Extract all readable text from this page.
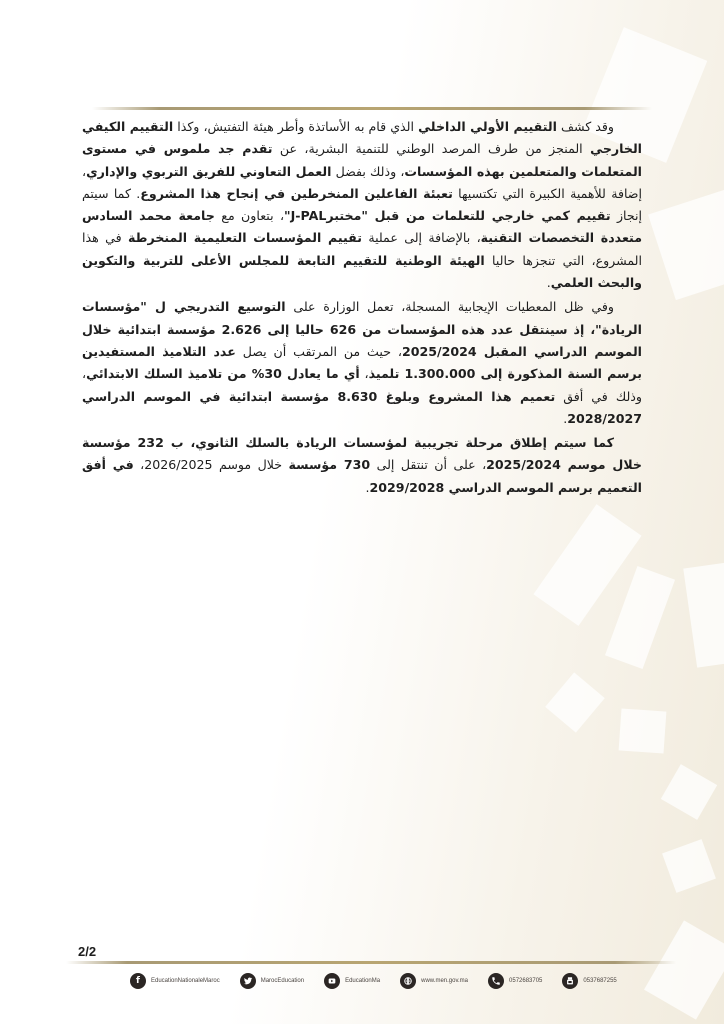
وقد كشف التقييم الأولي الداخلي الذي قام به الأساتذة وأطر هيئة التفتيش، وكذا التقييم الكيفي الخارجي المنجز من طرف المرصد الوطني للتنمية البشرية، عن تقدم جد ملموس في مستوى المتعلمات والمتعلمين بهذه المؤسسات، وذلك بفضل العمل التعاوني للفريق التربوي والإداري، إضافة للأهمية الكبيرة التي تكتسيها تعبئة الفاعلين المنخرطين في إنجاح هذا المشروع. كما سيتم إنجاز تقييم كمي خارجي للتعلمات من قبل "مختبرJ-PAL"، بتعاون مع جامعة محمد السادس متعددة التخصصات التقنية، بالإضافة إلى عملية تقييم المؤسسات التعليمية المنخرطة في هذا المشروع، التي تنجزها حاليا الهيئة الوطنية للتقييم التابعة للمجلس الأعلى للتربية والتكوين والبحث العلمي.

وفي ظل المعطيات الإيجابية المسجلة، تعمل الوزارة على التوسيع التدريجي ل "مؤسسات الريادة"، إذ سينتقل عدد هذه المؤسسات من 626 حاليا إلى 2.626 مؤسسة ابتدائية خلال الموسم الدراسي المقبل 2025/2024، حيث من المرتقب أن يصل عدد التلاميذ المستفيدين برسم السنة المذكورة إلى 1.300.000 تلميذ، أي ما يعادل 30% من تلاميذ السلك الابتدائي، وذلك في أفق تعميم هذا المشروع وبلوغ 8.630 مؤسسة ابتدائية في الموسم الدراسي 2028/2027.

كما سيتم إطلاق مرحلة تجريبية لمؤسسات الريادة بالسلك الثانوي، ب 232 مؤسسة خلال موسم 2025/2024، على أن تنتقل إلى 730 مؤسسة خلال موسم 2026/2025، في أفق التعميم برسم الموسم الدراسي 2029/2028.

2/2
f	EducationNationaleMaroc	MarocEducation	EducationMa	www.men.gov.ma	0572683705	0537687255
